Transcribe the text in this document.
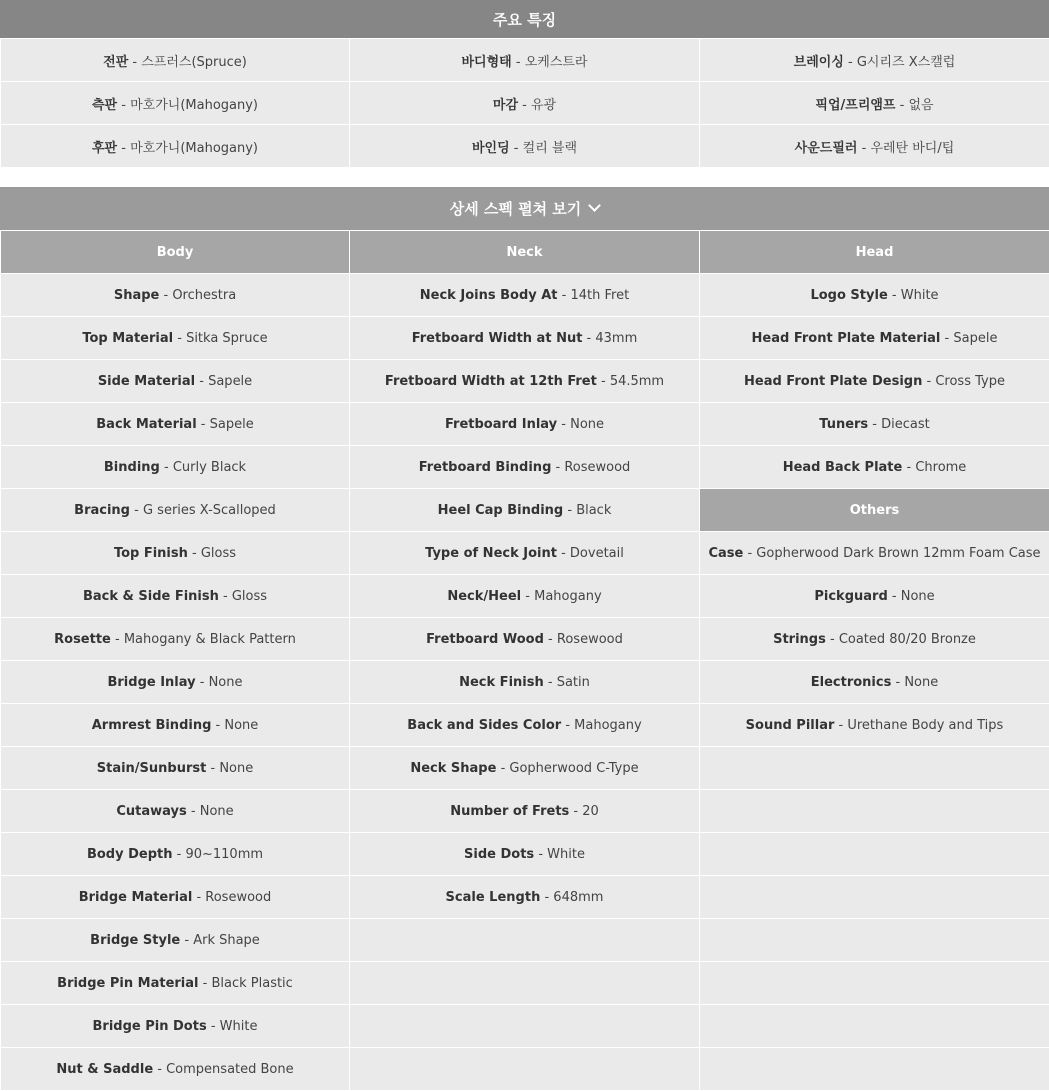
주요 특징
전판 - 스프러스(Spruce)	바디형태 - 오케스트라	브레이싱 - G시리즈 X스캘럽
측판 - 마호가니(Mahogany)	마감 - 유광	픽업/프리앰프 - 없음
후판 - 마호가니(Mahogany)	바인딩 - 컬리 블랙	사운드필러 - 우레탄 바디/팁
상세 스펙 펼쳐 보기
Body	Neck	Head
Shape - Orchestra	Neck Joins Body At - 14th Fret	Logo Style - White
Top Material - Sitka Spruce	Fretboard Width at Nut - 43mm	Head Front Plate Material - Sapele
Side Material - Sapele	Fretboard Width at 12th Fret - 54.5mm	Head Front Plate Design - Cross Type
Back Material - Sapele	Fretboard Inlay - None	Tuners - Diecast
Binding - Curly Black	Fretboard Binding - Rosewood	Head Back Plate - Chrome
Bracing - G series X-Scalloped	Heel Cap Binding - Black	Others
Top Finish - Gloss	Type of Neck Joint - Dovetail	Case - Gopherwood Dark Brown 12mm Foam Case
Back & Side Finish - Gloss	Neck/Heel - Mahogany	Pickguard - None
Rosette - Mahogany & Black Pattern	Fretboard Wood - Rosewood	Strings - Coated 80/20 Bronze
Bridge Inlay - None	Neck Finish - Satin	Electronics - None
Armrest Binding - None	Back and Sides Color - Mahogany	Sound Pillar - Urethane Body and Tips
Stain/Sunburst - None	Neck Shape - Gopherwood C-Type	
Cutaways - None	Number of Frets - 20	
Body Depth - 90~110mm	Side Dots - White	
Bridge Material - Rosewood	Scale Length - 648mm	
Bridge Style - Ark Shape		
Bridge Pin Material - Black Plastic		
Bridge Pin Dots - White		
Nut & Saddle - Compensated Bone		
